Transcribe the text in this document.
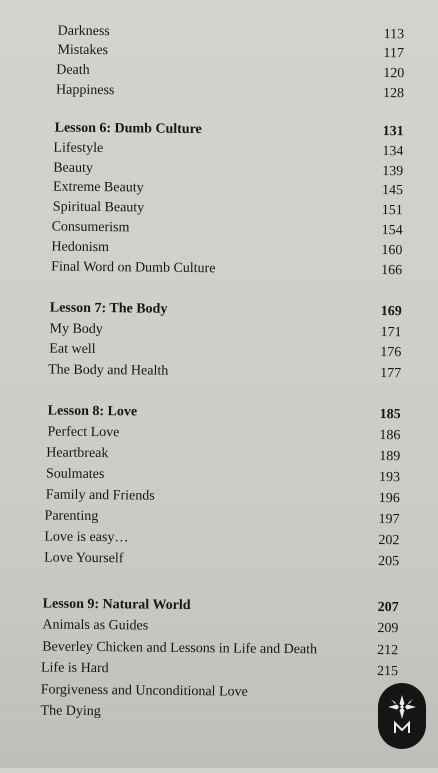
Darkness	113
Mistakes	117
Death	120
Happiness	128
Lesson 6: Dumb Culture	131
Lifestyle	134
Beauty	139
Extreme Beauty	145
Spiritual Beauty	151
Consumerism	154
Hedonism	160
Final Word on Dumb Culture	166
Lesson 7: The Body	169
My Body	171
Eat well	176
The Body and Health	177
Lesson 8: Love	185
Perfect Love	186
Heartbreak	189
Soulmates	193
Family and Friends	196
Parenting	197
Love is easy…	202
Love Yourself	205
Lesson 9: Natural World	207
Animals as Guides	209
Beverley Chicken and Lessons in Life and Death	212
Life is Hard	215
Forgiveness and Unconditional Love
The Dying
